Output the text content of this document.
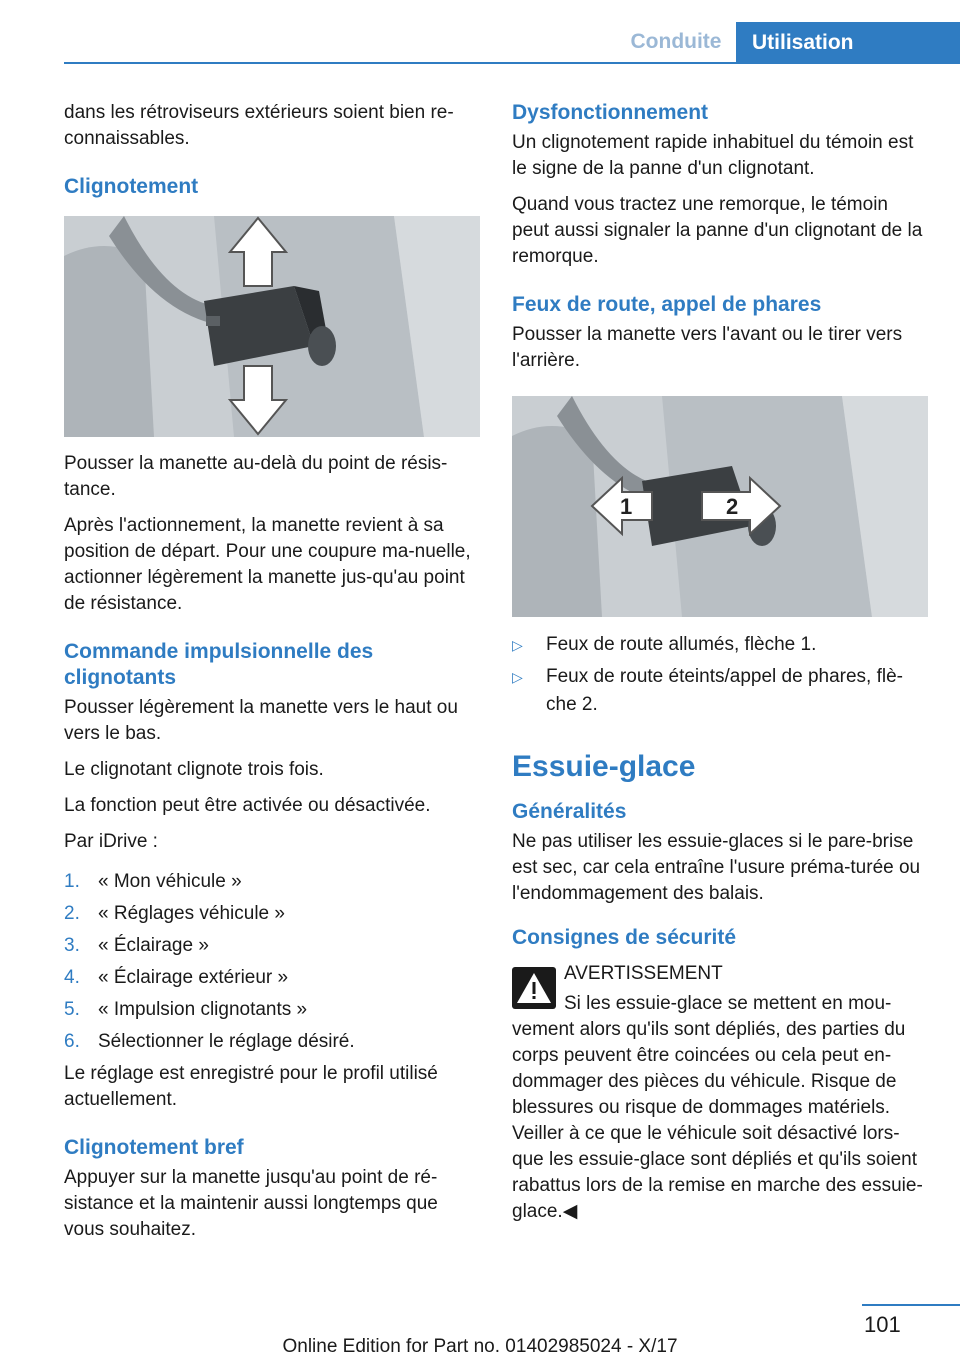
Conduite	Utilisation

dans les rétroviseurs extérieurs soient bien re-connaissables.

Clignotement

Pousser la manette au-delà du point de résis-tance.

Après l'actionnement, la manette revient à sa position de départ. Pour une coupure ma-nuelle, actionner légèrement la manette jus-qu'au point de résistance.

Commande impulsionnelle des clignotants

Pousser légèrement la manette vers le haut ou vers le bas.

Le clignotant clignote trois fois.

La fonction peut être activée ou désactivée.

Par iDrive :

1. « Mon véhicule »
2. « Réglages véhicule »
3. « Éclairage »
4. « Éclairage extérieur »
5. « Impulsion clignotants »
6. Sélectionner le réglage désiré.

Le réglage est enregistré pour le profil utilisé actuellement.

Clignotement bref

Appuyer sur la manette jusqu'au point de ré-sistance et la maintenir aussi longtemps que vous souhaitez.

Dysfonctionnement

Un clignotement rapide inhabituel du témoin est le signe de la panne d'un clignotant.

Quand vous tractez une remorque, le témoin peut aussi signaler la panne d'un clignotant de la remorque.

Feux de route, appel de phares

Pousser la manette vers l'avant ou le tirer vers l'arrière.

1	2
▷ Feux de route allumés, flèche 1.
▷ Feux de route éteints/appel de phares, flè-che 2.
Essuie-glace
Généralités

Ne pas utiliser les essuie-glaces si le pare-brise est sec, car cela entraîne l'usure préma-turée ou l'endommagement des balais.

Consignes de sécurité

AVERTISSEMENT

Si les essuie-glace se mettent en mou-

vement alors qu'ils sont dépliés, des parties du corps peuvent être coincées ou cela peut en-dommager des pièces du véhicule. Risque de blessures ou risque de dommages matériels. Veiller à ce que le véhicule soit désactivé lors-que les essuie-glace sont dépliés et qu'ils soient rabattus lors de la remise en marche des essuie-glace.◀

101
Online Edition for Part no. 01402985024 - X/17
